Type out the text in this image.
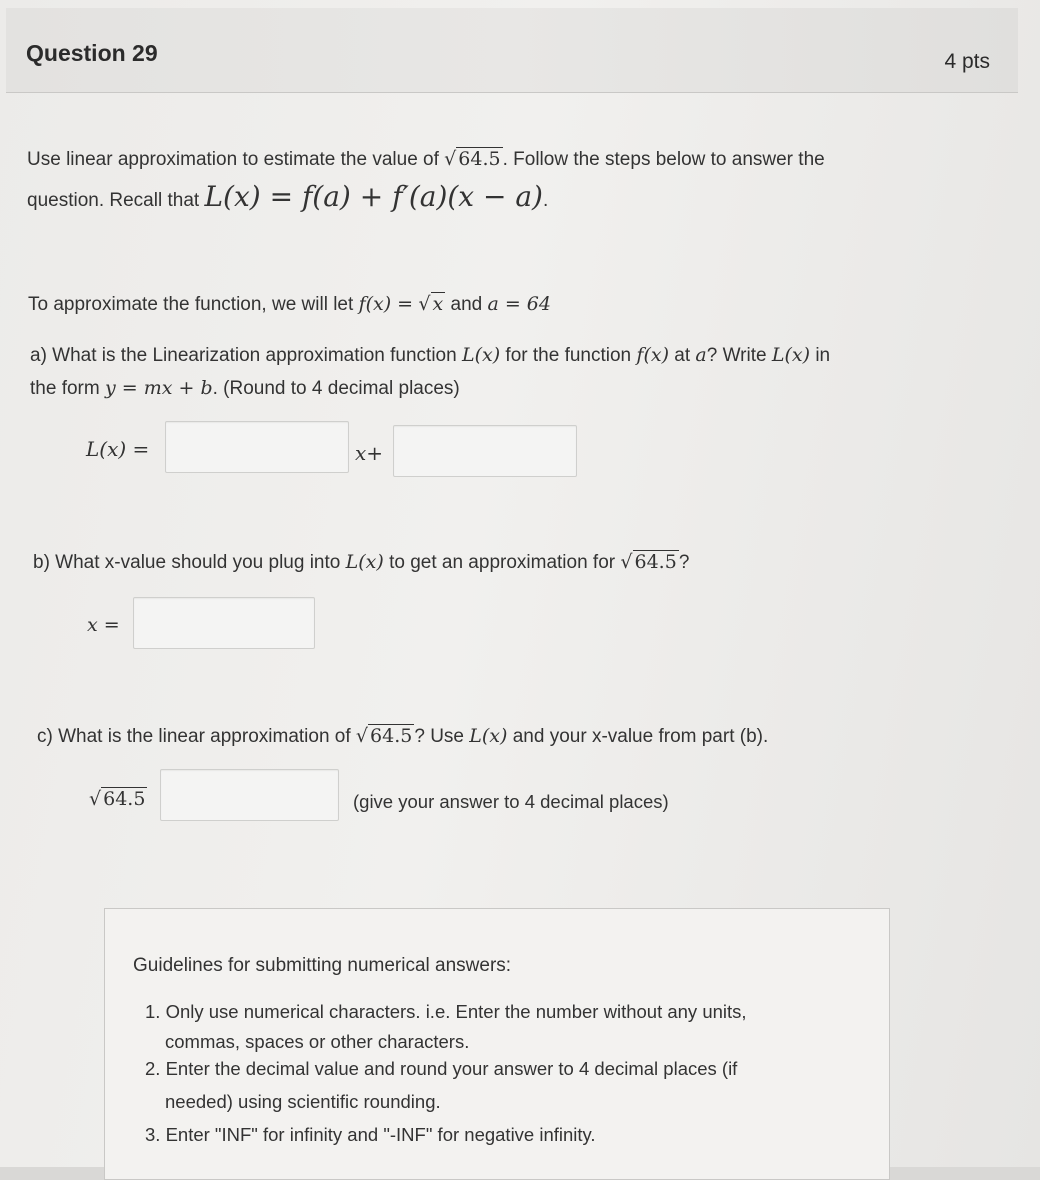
Question 29	4 pts
Use linear approximation to estimate the value of √ 64.5 . Follow the steps below to answer the
question. Recall that L(x) = f(a) + f′(a)(x − a).
To approximate the function, we will let f(x) = √ x and a = 64
a) What is the Linearization approximation function L(x) for the function f(x) at a? Write L(x) in
the form y = mx + b. (Round to 4 decimal places)
L(x) =	x+
b) What x-value should you plug into L(x) to get an approximation for √ 64.5 ?
x =
c) What is the linear approximation of √ 64.5 ? Use L(x) and your x-value from part (b).
√ 64.5	(give your answer to 4 decimal places)
Guidelines for submitting numerical answers:
1. Only use numerical characters. i.e. Enter the number without any units,
commas, spaces or other characters.
2. Enter the decimal value and round your answer to 4 decimal places (if
needed) using scientific rounding.
3. Enter "INF" for infinity and "-INF" for negative infinity.
